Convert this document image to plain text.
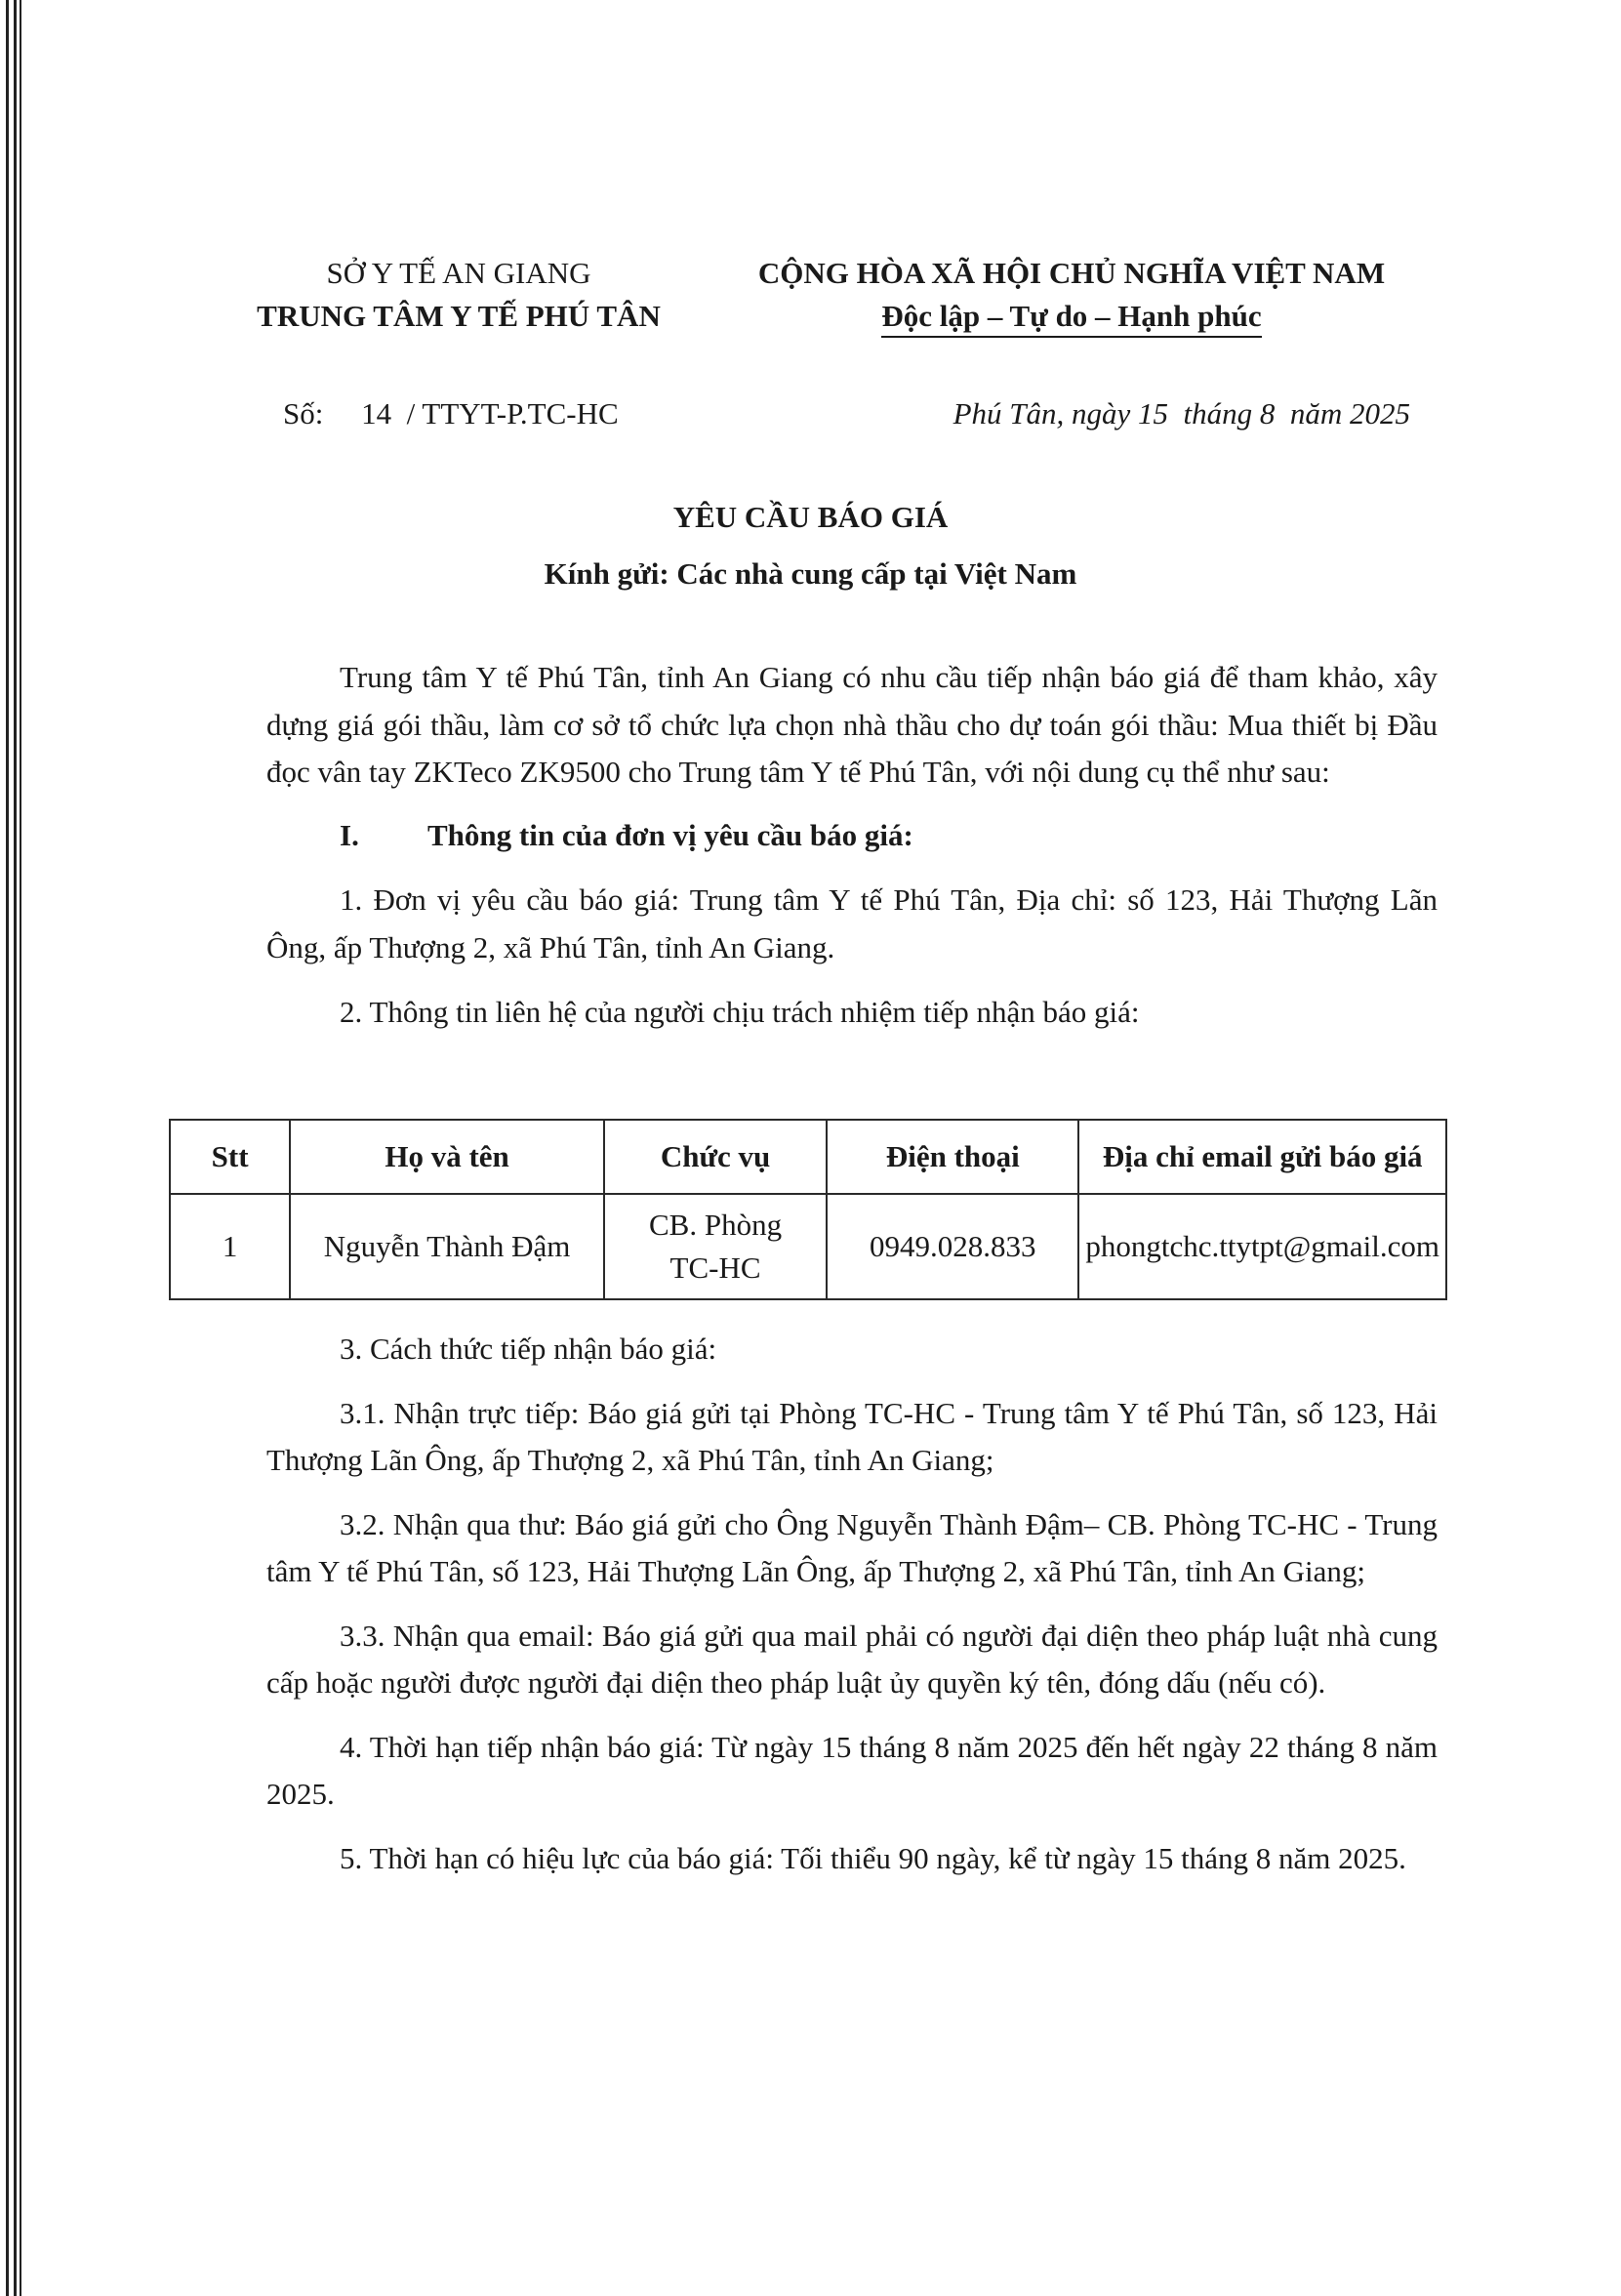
SỞ Y TẾ AN GIANG
TRUNG TÂM Y TẾ PHÚ TÂN
CỘNG HÒA XÃ HỘI CHỦ NGHĨA VIỆT NAM
Độc lập – Tự do – Hạnh phúc
Số:     14  / TTYT-P.TC-HC	Phú Tân, ngày 15  tháng 8  năm 2025
YÊU CẦU BÁO GIÁ
Kính gửi: Các nhà cung cấp tại Việt Nam

Trung tâm Y tế Phú Tân, tỉnh An Giang có nhu cầu tiếp nhận báo giá để tham khảo, xây dựng giá gói thầu, làm cơ sở tổ chức lựa chọn nhà thầu cho dự toán gói thầu: Mua thiết bị Đầu đọc vân tay ZKTeco ZK9500 cho Trung tâm Y tế Phú Tân, với nội dung cụ thể như sau:

I. Thông tin của đơn vị yêu cầu báo giá:

1. Đơn vị yêu cầu báo giá: Trung tâm Y tế Phú Tân, Địa chỉ: số 123, Hải Thượng Lãn Ông, ấp Thượng 2, xã Phú Tân, tỉnh An Giang.

2. Thông tin liên hệ của người chịu trách nhiệm tiếp nhận báo giá:

Stt	Họ và tên	Chức vụ	Điện thoại	Địa chỉ email gửi báo giá
1	Nguyễn Thành Đậm	CB. Phòng TC-HC	0949.028.833	phongtchc.ttytpt@gmail.com

3. Cách thức tiếp nhận báo giá:

3.1. Nhận trực tiếp: Báo giá gửi tại Phòng TC-HC - Trung tâm Y tế Phú Tân, số 123, Hải Thượng Lãn Ông, ấp Thượng 2, xã Phú Tân, tỉnh An Giang;

3.2. Nhận qua thư: Báo giá gửi cho Ông Nguyễn Thành Đậm– CB. Phòng TC-HC - Trung tâm Y tế Phú Tân, số 123, Hải Thượng Lãn Ông, ấp Thượng 2, xã Phú Tân, tỉnh An Giang;

3.3. Nhận qua email: Báo giá gửi qua mail phải có người đại diện theo pháp luật nhà cung cấp hoặc người được người đại diện theo pháp luật ủy quyền ký tên, đóng dấu (nếu có).

4. Thời hạn tiếp nhận báo giá: Từ ngày 15 tháng 8 năm 2025 đến hết ngày 22 tháng 8 năm 2025.

5. Thời hạn có hiệu lực của báo giá: Tối thiểu 90 ngày, kể từ ngày 15 tháng 8 năm 2025.
